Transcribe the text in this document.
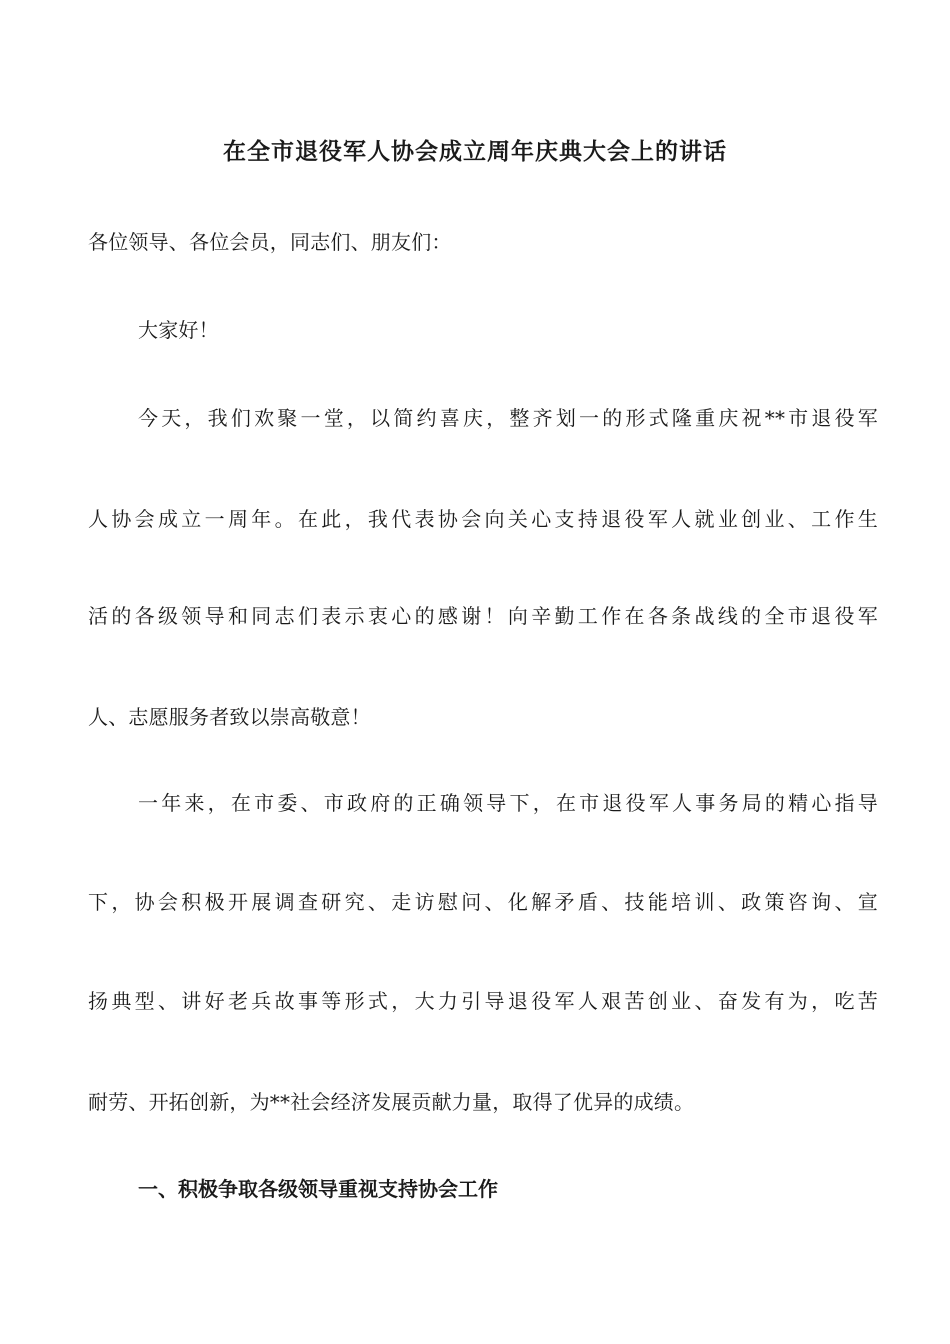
在全市退役军人协会成立周年庆典大会上的讲话
各位领导、各位会员，同志们、朋友们：
大家好！
今天，我们欢聚一堂，以简约喜庆，整齐划一的形式隆重庆祝**市退役军
人协会成立一周年。在此，我代表协会向关心支持退役军人就业创业、工作生
活的各级领导和同志们表示衷心的感谢！向辛勤工作在各条战线的全市退役军
人、志愿服务者致以崇高敬意！
一年来，在市委、市政府的正确领导下，在市退役军人事务局的精心指导
下，协会积极开展调查研究、走访慰问、化解矛盾、技能培训、政策咨询、宣
扬典型、讲好老兵故事等形式，大力引导退役军人艰苦创业、奋发有为，吃苦
耐劳、开拓创新，为**社会经济发展贡献力量，取得了优异的成绩。
一、积极争取各级领导重视支持协会工作
